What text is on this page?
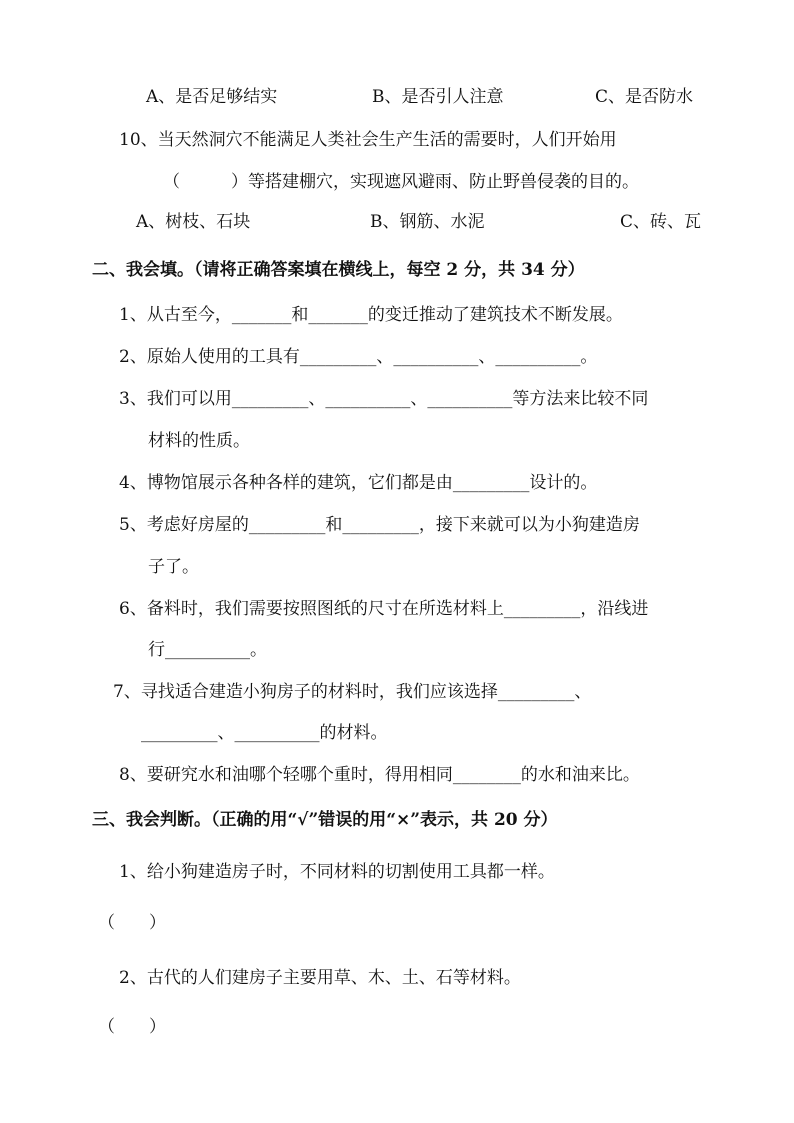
A、是否足够结实	B、是否引人注意	C、是否防水
10、当天然洞穴不能满足人类社会生产生活的需要时，人们开始用
（　　　）等搭建棚穴，实现遮风避雨、防止野兽侵袭的目的。
A、树枝、石块	B、钢筋、水泥	C、砖、瓦
二、我会填。（请将正确答案填在横线上，每空 2 分，共 34 分）
1、从古至今，_______和_______的变迁推动了建筑技术不断发展。
2、原始人使用的工具有_________、__________、__________。
3、我们可以用_________、__________、__________等方法来比较不同
材料的性质。
4、博物馆展示各种各样的建筑，它们都是由_________设计的。
5、考虑好房屋的_________和_________，接下来就可以为小狗建造房
子了。
6、备料时，我们需要按照图纸的尺寸在所选材料上_________，沿线进
行__________。
7、寻找适合建造小狗房子的材料时，我们应该选择_________、
_________、__________的材料。
8、要研究水和油哪个轻哪个重时，得用相同________的水和油来比。
三、我会判断。（正确的用“√”错误的用“×”表示，共 20 分）
1、给小狗建造房子时，不同材料的切割使用工具都一样。
（　　）
2、古代的人们建房子主要用草、木、土、石等材料。
（　　）
